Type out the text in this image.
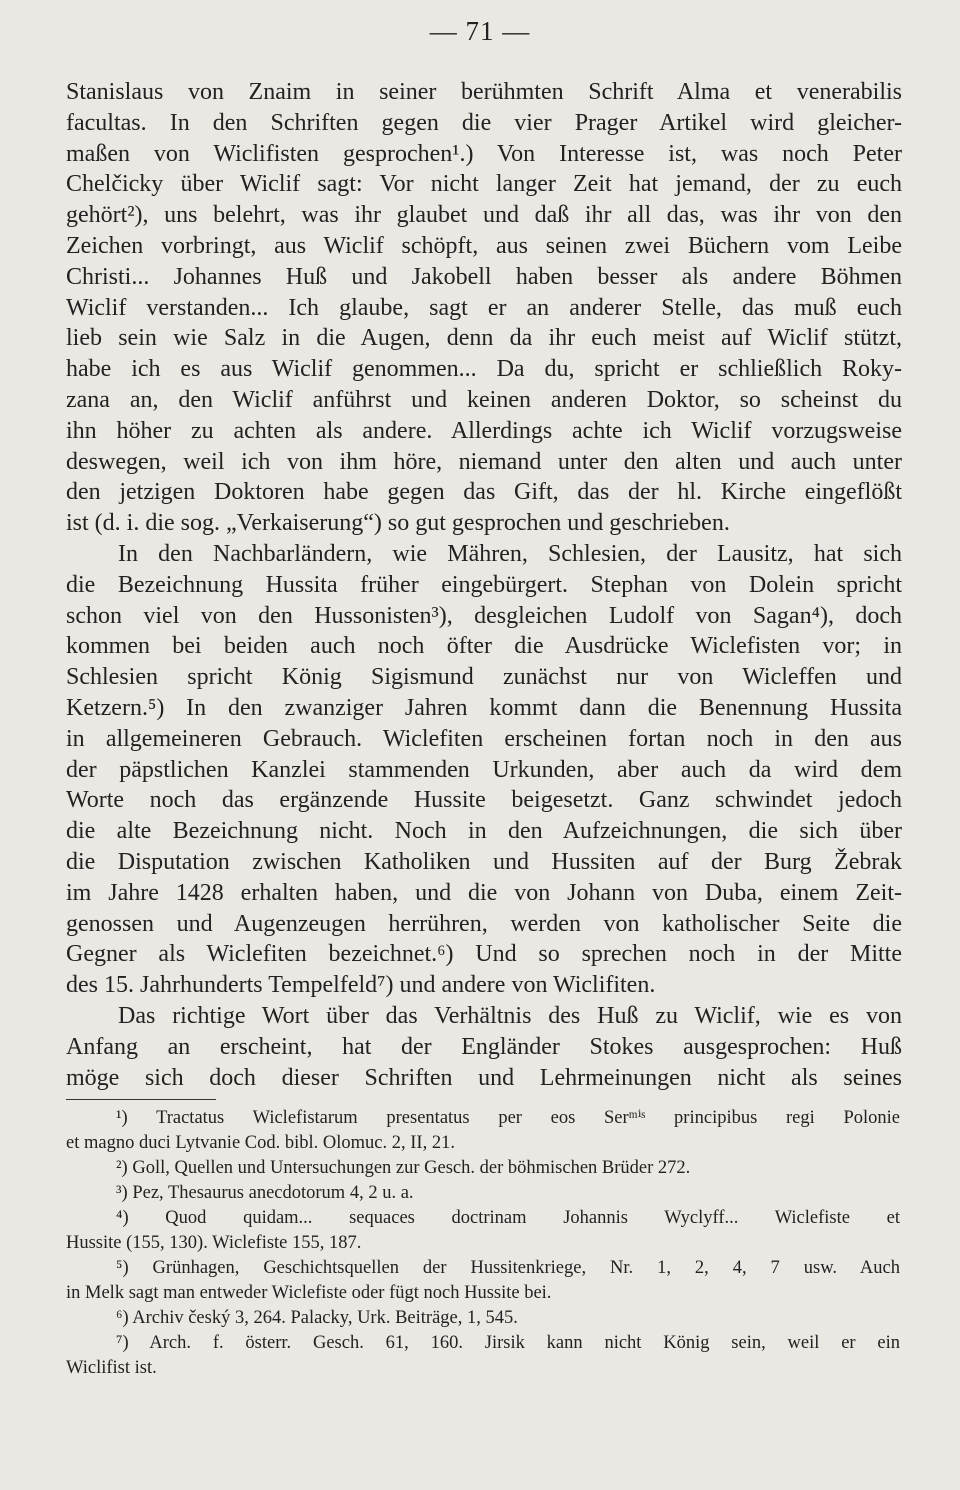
— 71 —
Stanislaus von Znaim in seiner berühmten Schrift Alma et venerabilis
facultas. In den Schriften gegen die vier Prager Artikel wird gleicher-
maßen von Wiclifisten gesprochen¹.) Von Interesse ist, was noch Peter
Chelčicky über Wiclif sagt: Vor nicht langer Zeit hat jemand, der zu euch
gehört²), uns belehrt, was ihr glaubet und daß ihr all das, was ihr von den
Zeichen vorbringt, aus Wiclif schöpft, aus seinen zwei Büchern vom Leibe
Christi... Johannes Huß und Jakobell haben besser als andere Böhmen
Wiclif verstanden... Ich glaube, sagt er an anderer Stelle, das muß euch
lieb sein wie Salz in die Augen, denn da ihr euch meist auf Wiclif stützt,
habe ich es aus Wiclif genommen... Da du, spricht er schließlich Roky-
zana an, den Wiclif anführst und keinen anderen Doktor, so scheinst du
ihn höher zu achten als andere. Allerdings achte ich Wiclif vorzugsweise
deswegen, weil ich von ihm höre, niemand unter den alten und auch unter
den jetzigen Doktoren habe gegen das Gift, das der hl. Kirche eingeflößt
ist (d. i. die sog. „Verkaiserung“) so gut gesprochen und geschrieben.
In den Nachbarländern, wie Mähren, Schlesien, der Lausitz, hat sich
die Bezeichnung Hussita früher eingebürgert. Stephan von Dolein spricht
schon viel von den Hussonisten³), desgleichen Ludolf von Sagan⁴), doch
kommen bei beiden auch noch öfter die Ausdrücke Wiclefisten vor; in
Schlesien spricht König Sigismund zunächst nur von Wicleffen und
Ketzern.⁵) In den zwanziger Jahren kommt dann die Benennung Hussita
in allgemeineren Gebrauch. Wiclefiten erscheinen fortan noch in den aus
der päpstlichen Kanzlei stammenden Urkunden, aber auch da wird dem
Worte noch das ergänzende Hussite beigesetzt. Ganz schwindet jedoch
die alte Bezeichnung nicht. Noch in den Aufzeichnungen, die sich über
die Disputation zwischen Katholiken und Hussiten auf der Burg Žebrak
im Jahre 1428 erhalten haben, und die von Johann von Duba, einem Zeit-
genossen und Augenzeugen herrühren, werden von katholischer Seite die
Gegner als Wiclefiten bezeichnet.⁶) Und so sprechen noch in der Mitte
des 15. Jahrhunderts Tempelfeld⁷) und andere von Wiclifiten.
Das richtige Wort über das Verhältnis des Huß zu Wiclif, wie es von
Anfang an erscheint, hat der Engländer Stokes ausgesprochen: Huß
möge sich doch dieser Schriften und Lehrmeinungen nicht als seines
¹) Tractatus Wiclefistarum presentatus per eos Serᵐⁱˢ principibus regi Polonie
et magno duci Lytvanie Cod. bibl. Olomuc. 2, II, 21.
²) Goll, Quellen und Untersuchungen zur Gesch. der böhmischen Brüder 272.
³) Pez, Thesaurus anecdotorum 4, 2 u. a.
⁴) Quod quidam... sequaces doctrinam Johannis Wyclyff... Wiclefiste et
Hussite (155, 130). Wiclefiste 155, 187.
⁵) Grünhagen, Geschichtsquellen der Hussitenkriege, Nr. 1, 2, 4, 7 usw. Auch
in Melk sagt man entweder Wiclefiste oder fügt noch Hussite bei.
⁶) Archiv český 3, 264. Palacky, Urk. Beiträge, 1, 545.
⁷) Arch. f. österr. Gesch. 61, 160. Jirsik kann nicht König sein, weil er ein
Wiclifist ist.
